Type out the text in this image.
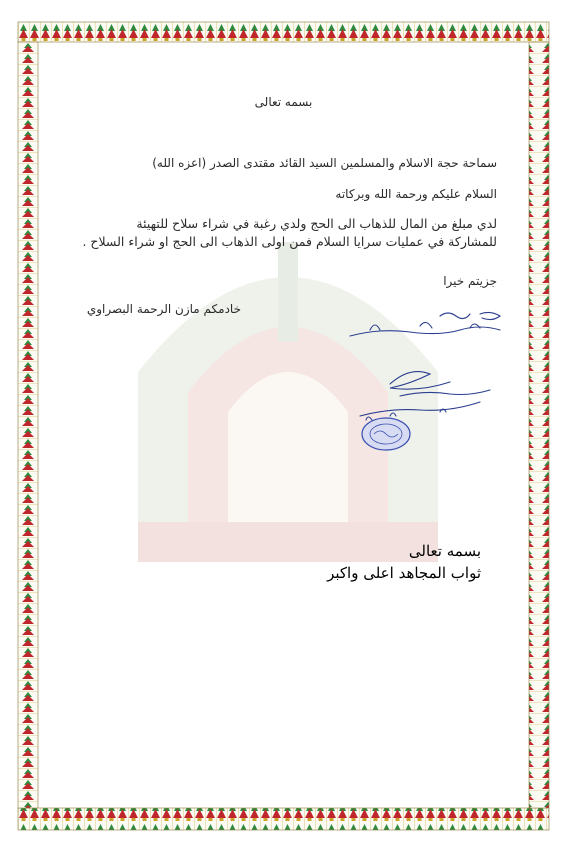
بسمه تعالى
سماحة حجة الاسلام والمسلمين السيد القائد مقتدى الصدر (اعزه الله)
السلام عليكم ورحمة الله وبركاته
لدي مبلغ من المال للذهاب الى الحج ولدي رغبة في شراء سلاح للتهيئة
للمشاركة في عمليات سرايا السلام فمن اولى الذهاب الى الحج او شراء السلاح .
جزيتم خيرا
خادمكم مازن الرحمة البصراوي
بسمه تعالى
ثواب المجاهد اعلى واكبر
